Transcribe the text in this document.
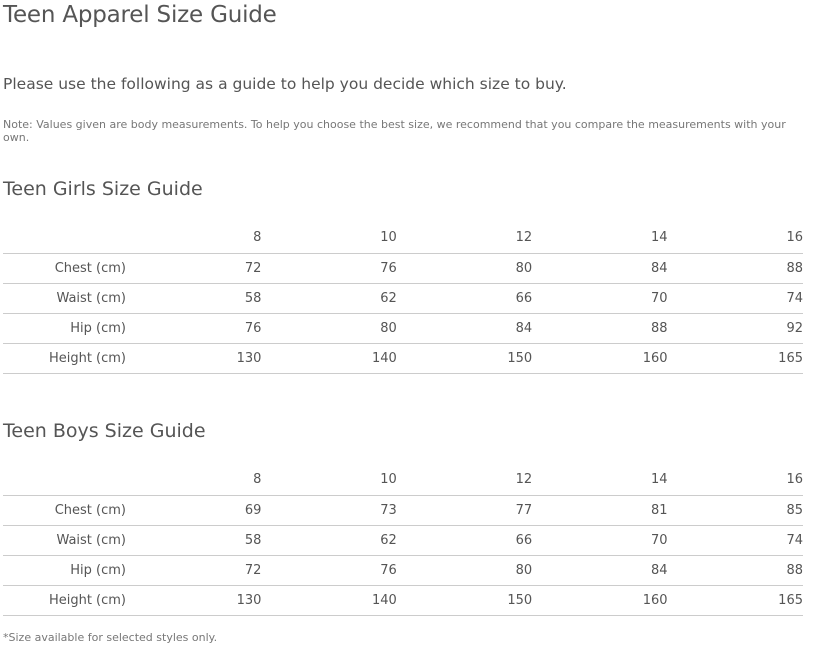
Teen Apparel Size Guide

Please use the following as a guide to help you decide which size to buy.

Note: Values given are body measurements. To help you choose the best size, we recommend that you compare the measurements with your own.

Teen Girls Size Guide
	8	10	12	14	16
Chest (cm)	72	76	80	84	88
Waist (cm)	58	62	66	70	74
Hip (cm)	76	80	84	88	92
Height (cm)	130	140	150	160	165
Teen Boys Size Guide
	8	10	12	14	16
Chest (cm)	69	73	77	81	85
Waist (cm)	58	62	66	70	74
Hip (cm)	72	76	80	84	88
Height (cm)	130	140	150	160	165

*Size available for selected styles only.
